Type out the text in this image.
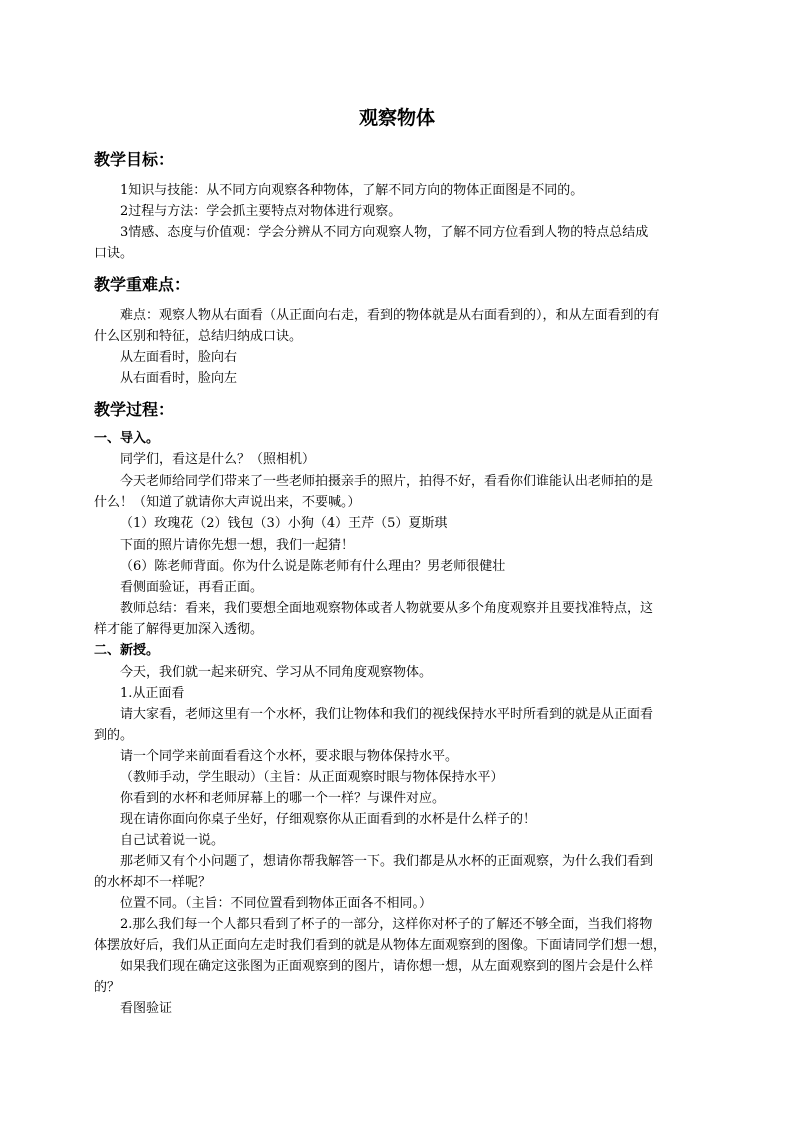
观察物体
教学目标：
1知识与技能：从不同方向观察各种物体，了解不同方向的物体正面图是不同的。
2过程与方法：学会抓主要特点对物体进行观察。
3情感、态度与价值观：学会分辨从不同方向观察人物，了解不同方位看到人物的特点总结成
口诀。
教学重难点：
难点：观察人物从右面看（从正面向右走，看到的物体就是从右面看到的），和从左面看到的有
什么区别和特征，总结归纳成口诀。
从左面看时，脸向右
从右面看时，脸向左
教学过程：
一、导入。
同学们，看这是什么？（照相机）
今天老师给同学们带来了一些老师拍摄亲手的照片，拍得不好，看看你们谁能认出老师拍的是
什么！（知道了就请你大声说出来，不要喊。）
（1）玫瑰花（2）钱包（3）小狗（4）王芹（5）夏斯琪
下面的照片请你先想一想，我们一起猜！
（6）陈老师背面。你为什么说是陈老师有什么理由？男老师很健壮
看侧面验证，再看正面。
教师总结：看来，我们要想全面地观察物体或者人物就要从多个角度观察并且要找准特点，这
样才能了解得更加深入透彻。
二、新授。
今天，我们就一起来研究、学习从不同角度观察物体。
1.从正面看
请大家看，老师这里有一个水杯，我们让物体和我们的视线保持水平时所看到的就是从正面看
到的。
请一个同学来前面看看这个水杯，要求眼与物体保持水平。
（教师手动，学生眼动）（主旨：从正面观察时眼与物体保持水平）
你看到的水杯和老师屏幕上的哪一个一样？与课件对应。
现在请你面向你桌子坐好，仔细观察你从正面看到的水杯是什么样子的！
自己试着说一说。
那老师又有个小问题了，想请你帮我解答一下。我们都是从水杯的正面观察，为什么我们看到
的水杯却不一样呢？
位置不同。（主旨：不同位置看到物体正面各不相同。）
2.那么我们每一个人都只看到了杯子的一部分，这样你对杯子的了解还不够全面，当我们将物
体摆放好后，我们从正面向左走时我们看到的就是从物体左面观察到的图像。下面请同学们想一想，
如果我们现在确定这张图为正面观察到的图片，请你想一想，从左面观察到的图片会是什么样
的？
看图验证
